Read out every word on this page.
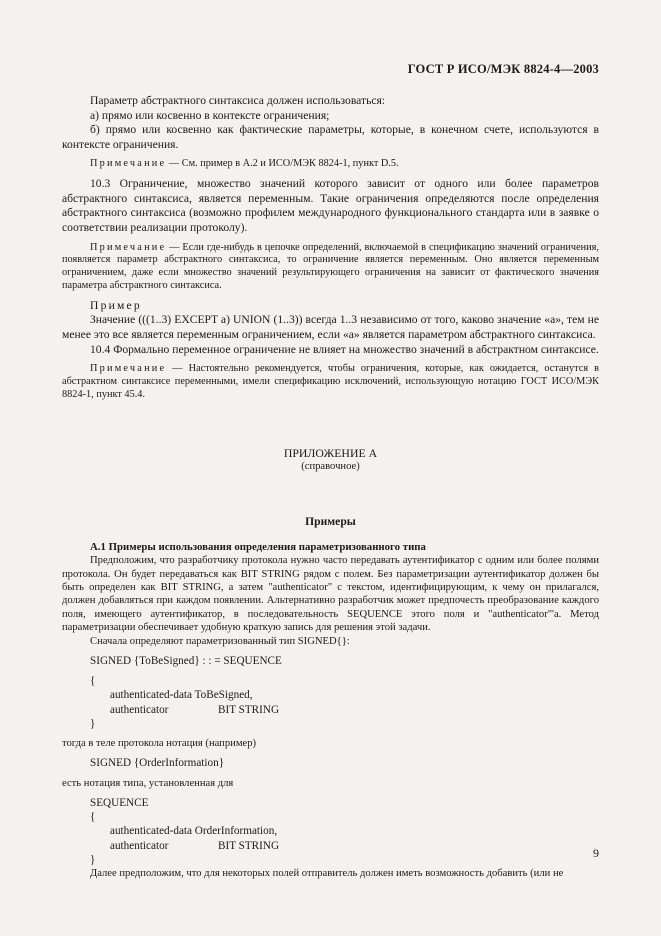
ГОСТ Р ИСО/МЭК 8824-4—2003

Параметр абстрактного синтаксиса должен использоваться:

а) прямо или косвенно в контексте ограничения;

б) прямо или косвенно как фактические параметры, которые, в конечном счете, используются в контексте ограничения.

Примечание — См. пример в А.2 и ИСО/МЭК 8824-1, пункт D.5.

10.3 Ограничение, множество значений которого зависит от одного или более параметров абстрактного синтаксиса, является переменным. Такие ограничения определяются после определения абстрактного синтаксиса (возможно профилем международного функционального стандарта или в заявке о соответствии реализации протоколу).

Примечание — Если где-нибудь в цепочке определений, включаемой в спецификацию значений ограничения, появляется параметр абстрактного синтаксиса, то ограничение является переменным. Оно является переменным ограничением, даже если множество значений результирующего ограничения на зависит от фактического значения параметра абстрактного синтаксиса.

Пример

Значение (((1..3) EXCEPT a) UNION (1..3)) всегда 1..3 независимо от того, каково значение «а», тем не менее это все является переменным ограничением, если «а» является параметром абстрактного синтаксиса.

10.4 Формально переменное ограничение не влияет на множество значений в абстрактном синтаксисе.

Примечание — Настоятельно рекомендуется, чтобы ограничения, которые, как ожидается, останутся в абстрактном синтаксисе переменными, имели спецификацию исключений, использующую нотацию ГОСТ ИСО/МЭК 8824-1, пункт 45.4.

ПРИЛОЖЕНИЕ А

(справочное)

Примеры

А.1 Примеры использования определения параметризованного типа

Предположим, что разработчику протокола нужно часто передавать аутентификатор с одним или более полями протокола. Он будет передаваться как BIT STRING рядом с полем. Без параметризации аутентификатор должен бы быть определен как BIT STRING, а затем "authenticator" с текстом, идентифицирующим, к чему он прилагался, должен добавляться при каждом появлении. Альтернативно разработчик может предпочесть преобразование каждого поля, имеющего аутентификатор, в последовательность SEQUENCE этого поля и "authenticator"'a. Метод параметризации обеспечивает удобную краткую запись для решения этой задачи.

Сначала определяют параметризованный тип SIGNED{}:

SIGNED {ToBeSigned} : : = SEQUENCE

{

authenticated-data ToBeSigned,

authenticator	BIT STRING

}

тогда в теле протокола нотация (например)

SIGNED {OrderInformation}

есть нотация типа, установленная для

SEQUENCE

{

authenticated-data OrderInformation,

authenticator	BIT STRING

}

Далее предположим, что для некоторых полей отправитель должен иметь возможность добавить (или не

9
